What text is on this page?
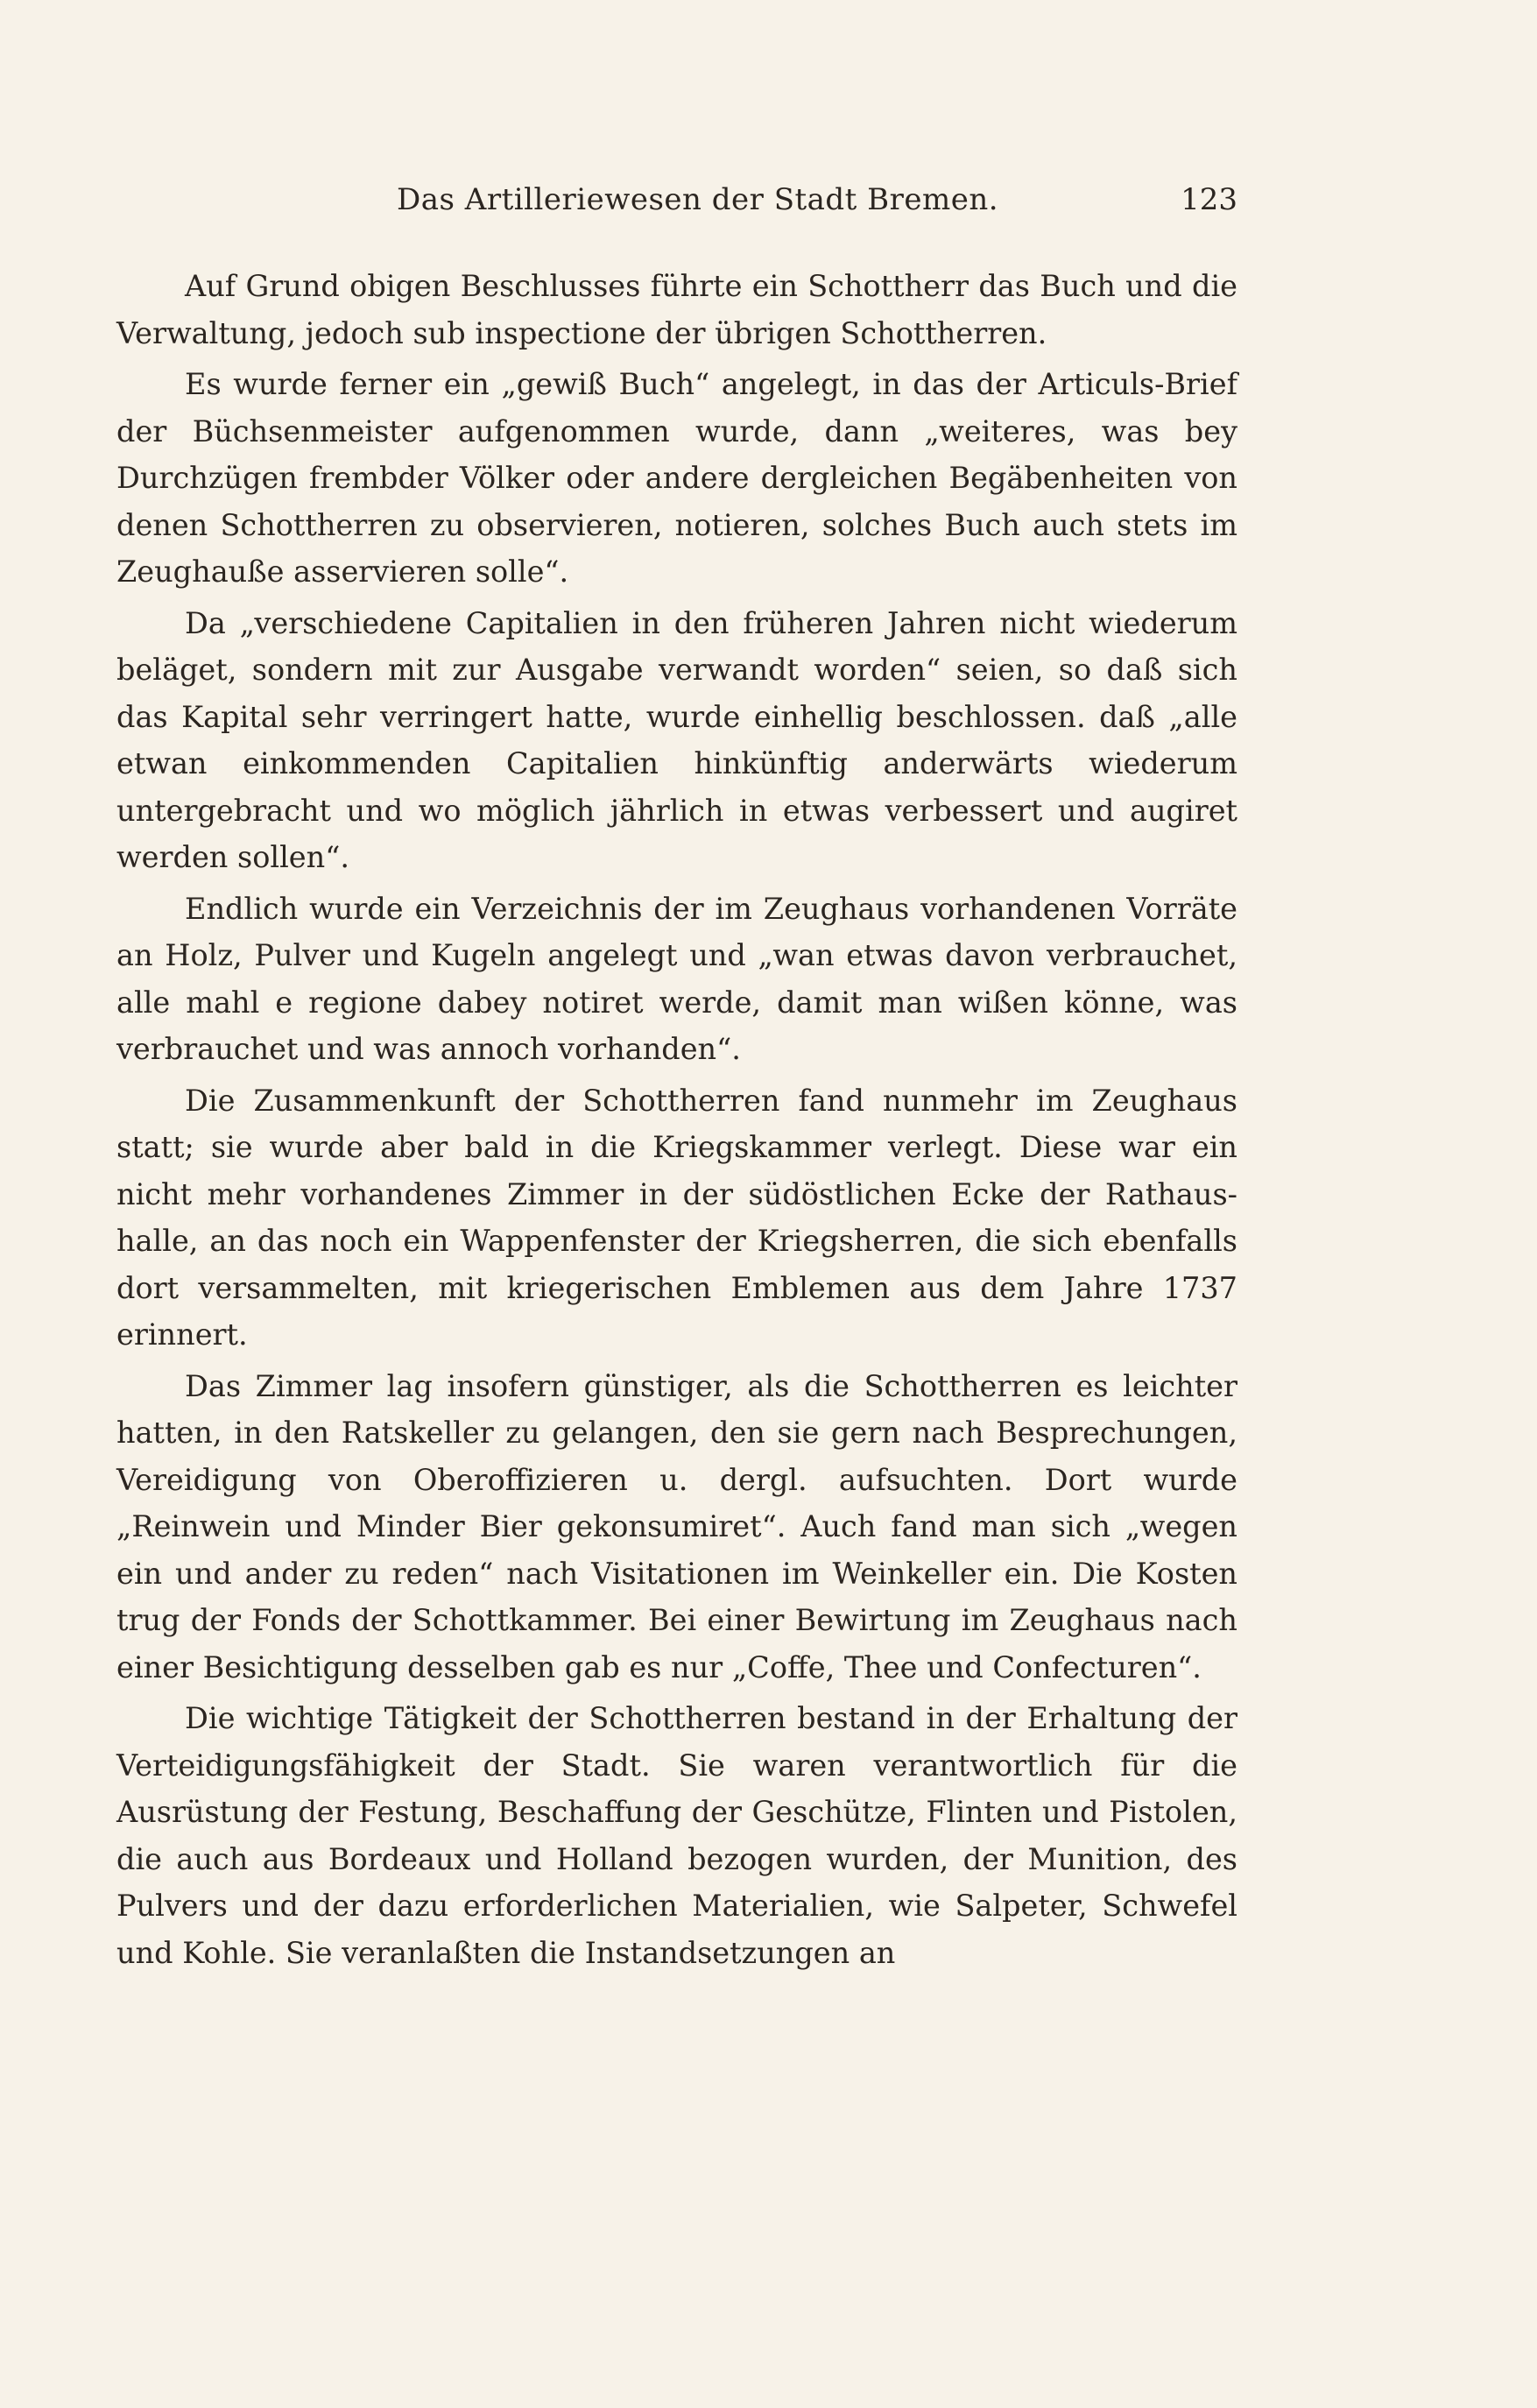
Das Artilleriewesen der Stadt Bremen.	123

Auf Grund obigen Beschlusses führte ein Schottherr das Buch und die Verwaltung, jedoch sub inspectione der übrigen Schottherren.

Es wurde ferner ein „gewiß Buch“ angelegt, in das der Articuls-Brief der Büchsenmeister aufgenommen wurde, dann „weiteres, was bey Durchzügen frembder Völker oder andere dergleichen Begäbenheiten von denen Schottherren zu observieren, notieren, solches Buch auch stets im Zeughauße asservieren solle“.

Da „verschiedene Capitalien in den früheren Jahren nicht wiederum beläget, sondern mit zur Ausgabe verwandt worden“ seien, so daß sich das Kapital sehr verringert hatte, wurde einhellig beschlossen. daß „alle etwan einkommenden Capitalien hinkünftig anderwärts wiederum untergebracht und wo möglich jährlich in etwas verbessert und augiret werden sollen“.

Endlich wurde ein Verzeichnis der im Zeughaus vorhandenen Vorräte an Holz, Pulver und Kugeln angelegt und „wan etwas davon verbrauchet, alle mahl e regione dabey notiret werde, damit man wißen könne, was verbrauchet und was annoch vorhanden“.

Die Zusammenkunft der Schottherren fand nunmehr im Zeughaus statt; sie wurde aber bald in die Kriegskammer verlegt. Diese war ein nicht mehr vorhandenes Zimmer in der südöstlichen Ecke der Rathaushalle, an das noch ein Wappenfenster der Kriegsherren, die sich ebenfalls dort versammelten, mit kriegerischen Emblemen aus dem Jahre 1737 erinnert.

Das Zimmer lag insofern günstiger, als die Schottherren es leichter hatten, in den Ratskeller zu gelangen, den sie gern nach Besprechungen, Vereidigung von Oberoffizieren u. dergl. aufsuchten. Dort wurde „Reinwein und Minder Bier gekonsumiret“. Auch fand man sich „wegen ein und ander zu reden“ nach Visitationen im Weinkeller ein. Die Kosten trug der Fonds der Schottkammer. Bei einer Bewirtung im Zeughaus nach einer Besichtigung desselben gab es nur „Coffe, Thee und Confecturen“.

Die wichtige Tätigkeit der Schottherren bestand in der Erhaltung der Verteidigungsfähigkeit der Stadt. Sie waren verantwortlich für die Ausrüstung der Festung, Beschaffung der Geschütze, Flinten und Pistolen, die auch aus Bordeaux und Holland bezogen wurden, der Munition, des Pulvers und der dazu erforderlichen Materialien, wie Salpeter, Schwefel und Kohle. Sie veranlaßten die Instandsetzungen an
